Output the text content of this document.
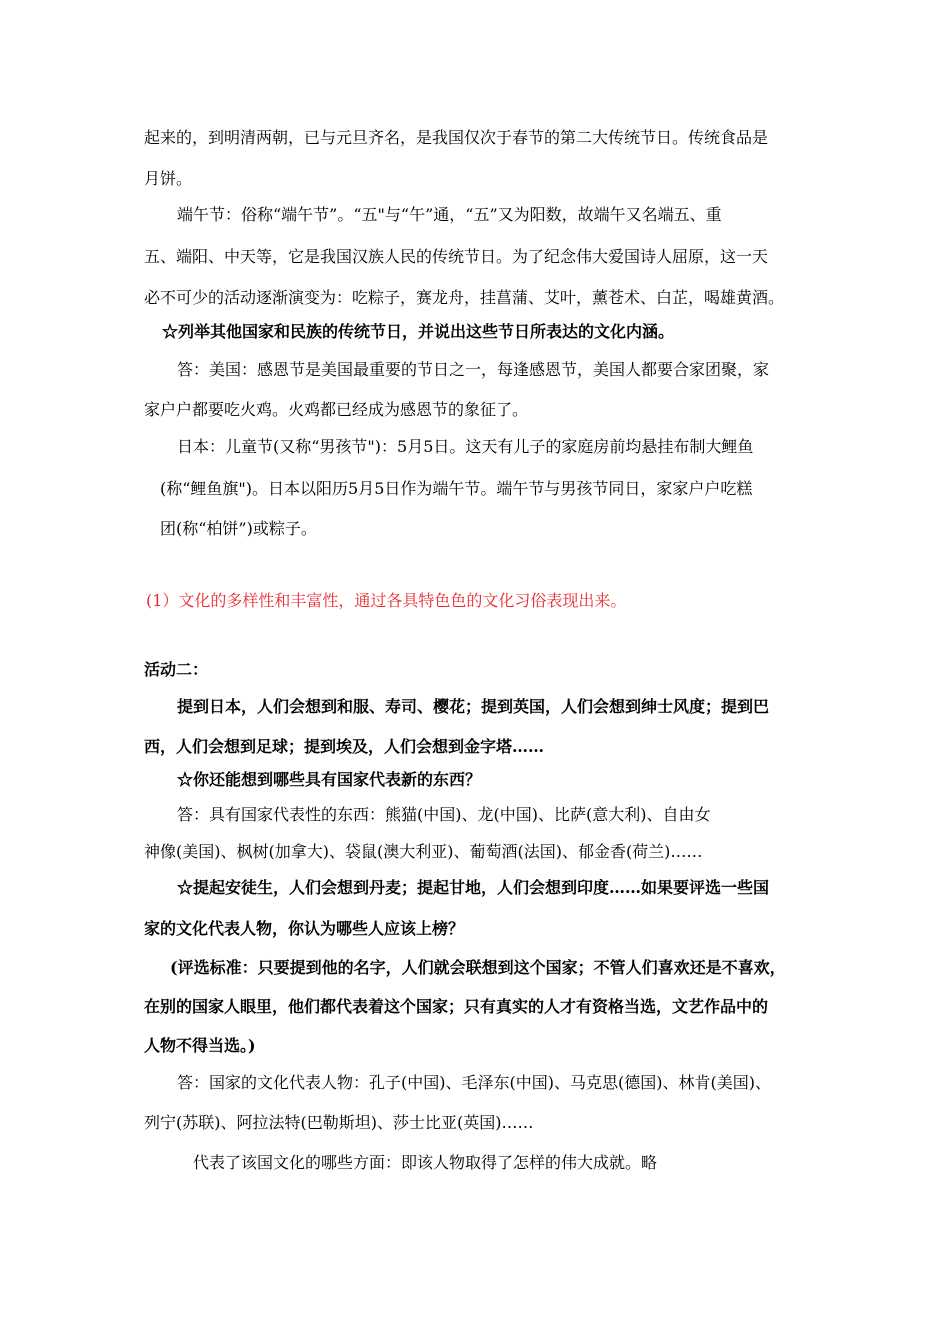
起来的，到明清两朝，已与元旦齐名，是我国仅次于春节的第二大传统节日。传统食品是

月饼。

端午节：俗称“端午节”。“五"与“午”通，“五”又为阳数，故端午又名端五、重

五、端阳、中天等，它是我国汉族人民的传统节日。为了纪念伟大爱国诗人屈原，这一天

必不可少的活动逐渐演变为：吃粽子，赛龙舟，挂菖蒲、艾叶，薰苍术、白芷，喝雄黄酒。

☆列举其他国家和民族的传统节日，并说出这些节日所表达的文化内涵。

答：美国：感恩节是美国最重要的节日之一，每逢感恩节，美国人都要合家团聚，家

家户户都要吃火鸡。火鸡都已经成为感恩节的象征了。

日本：儿童节(又称“男孩节")：5月5日。这天有儿子的家庭房前均悬挂布制大鲤鱼

(称“鲤鱼旗")。日本以阳历5月5日作为端午节。端午节与男孩节同日，家家户户吃糕

团(称“柏饼”)或粽子。

(1）文化的多样性和丰富性，通过各具特色色的文化习俗表现出来。

活动二：

提到日本，人们会想到和服、寿司、樱花；提到英国，人们会想到绅士风度；提到巴

西，人们会想到足球；提到埃及，人们会想到金字塔……

☆你还能想到哪些具有国家代表新的东西？

答：具有国家代表性的东西：熊猫(中国)、龙(中国)、比萨(意大利)、自由女

神像(美国)、枫树(加拿大)、袋鼠(澳大利亚)、葡萄酒(法国)、郁金香(荷兰)……

☆提起安徒生，人们会想到丹麦；提起甘地，人们会想到印度……如果要评选一些国

家的文化代表人物，你认为哪些人应该上榜？

(评选标准：只要提到他的名字，人们就会联想到这个国家；不管人们喜欢还是不喜欢，

在别的国家人眼里，他们都代表着这个国家；只有真实的人才有资格当选，文艺作品中的

人物不得当选。)

答：国家的文化代表人物：孔子(中国)、毛泽东(中国)、马克思(德国)、林肯(美国)、

列宁(苏联)、阿拉法特(巴勒斯坦)、莎士比亚(英国)……

代表了该国文化的哪些方面：即该人物取得了怎样的伟大成就。略
